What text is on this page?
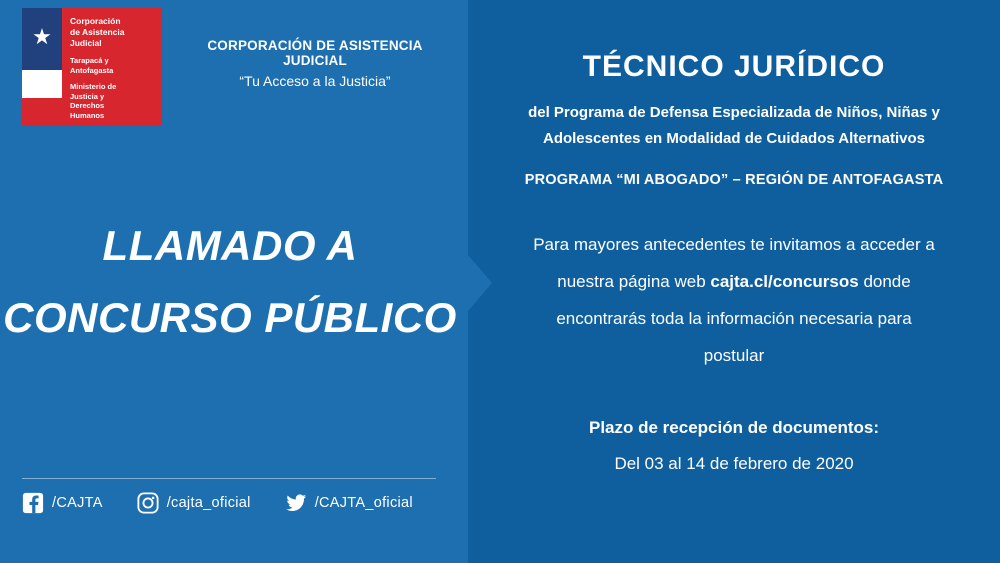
★
Corporación
de Asistencia
Judicial
Tarapacá y
Antofagasta
Ministerio de
Justicia y
Derechos
Humanos
CORPORACIÓN DE ASISTENCIA JUDICIAL
“Tu Acceso a la Justicia”
LLAMADO A
CONCURSO PÚBLICO
/CAJTA	/cajta_oficial	/CAJTA_oficial
TÉCNICO JURÍDICO
del Programa de Defensa Especializada de Niños, Niñas y
Adolescentes en Modalidad de Cuidados Alternativos
PROGRAMA “MI ABOGADO” – REGIÓN DE ANTOFAGASTA
Para mayores antecedentes te invitamos a acceder a
nuestra página web cajta.cl/concursos donde
encontrarás toda la información necesaria para
postular
Plazo de recepción de documentos:
Del 03 al 14 de febrero de 2020
